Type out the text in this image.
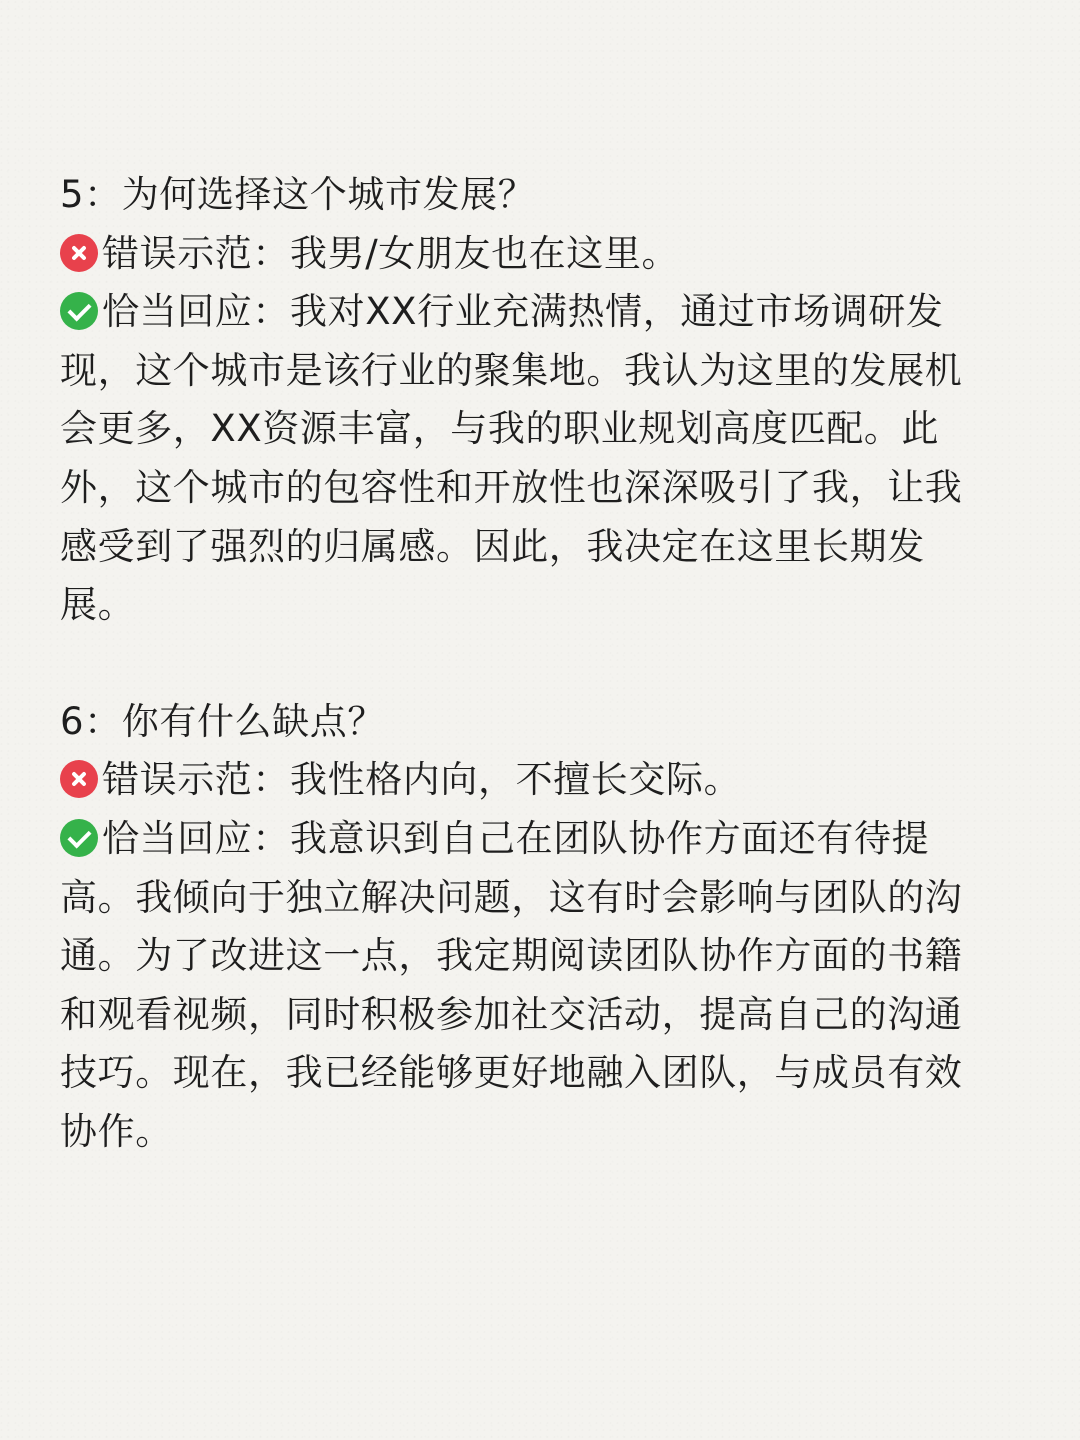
5：为何选择这个城市发展？

错误示范：我男/女朋友也在这里。

恰当回应：我对XX行业充满热情，通过市场调研发

现，这个城市是该行业的聚集地。我认为这里的发展机

会更多，XX资源丰富，与我的职业规划高度匹配。此

外，这个城市的包容性和开放性也深深吸引了我，让我

感受到了强烈的归属感。因此，我决定在这里长期发

展。

6：你有什么缺点？

错误示范：我性格内向，不擅长交际。

恰当回应：我意识到自己在团队协作方面还有待提

高。我倾向于独立解决问题，这有时会影响与团队的沟

通。为了改进这一点，我定期阅读团队协作方面的书籍

和观看视频，同时积极参加社交活动，提高自己的沟通

技巧。现在，我已经能够更好地融入团队，与成员有效

协作。
